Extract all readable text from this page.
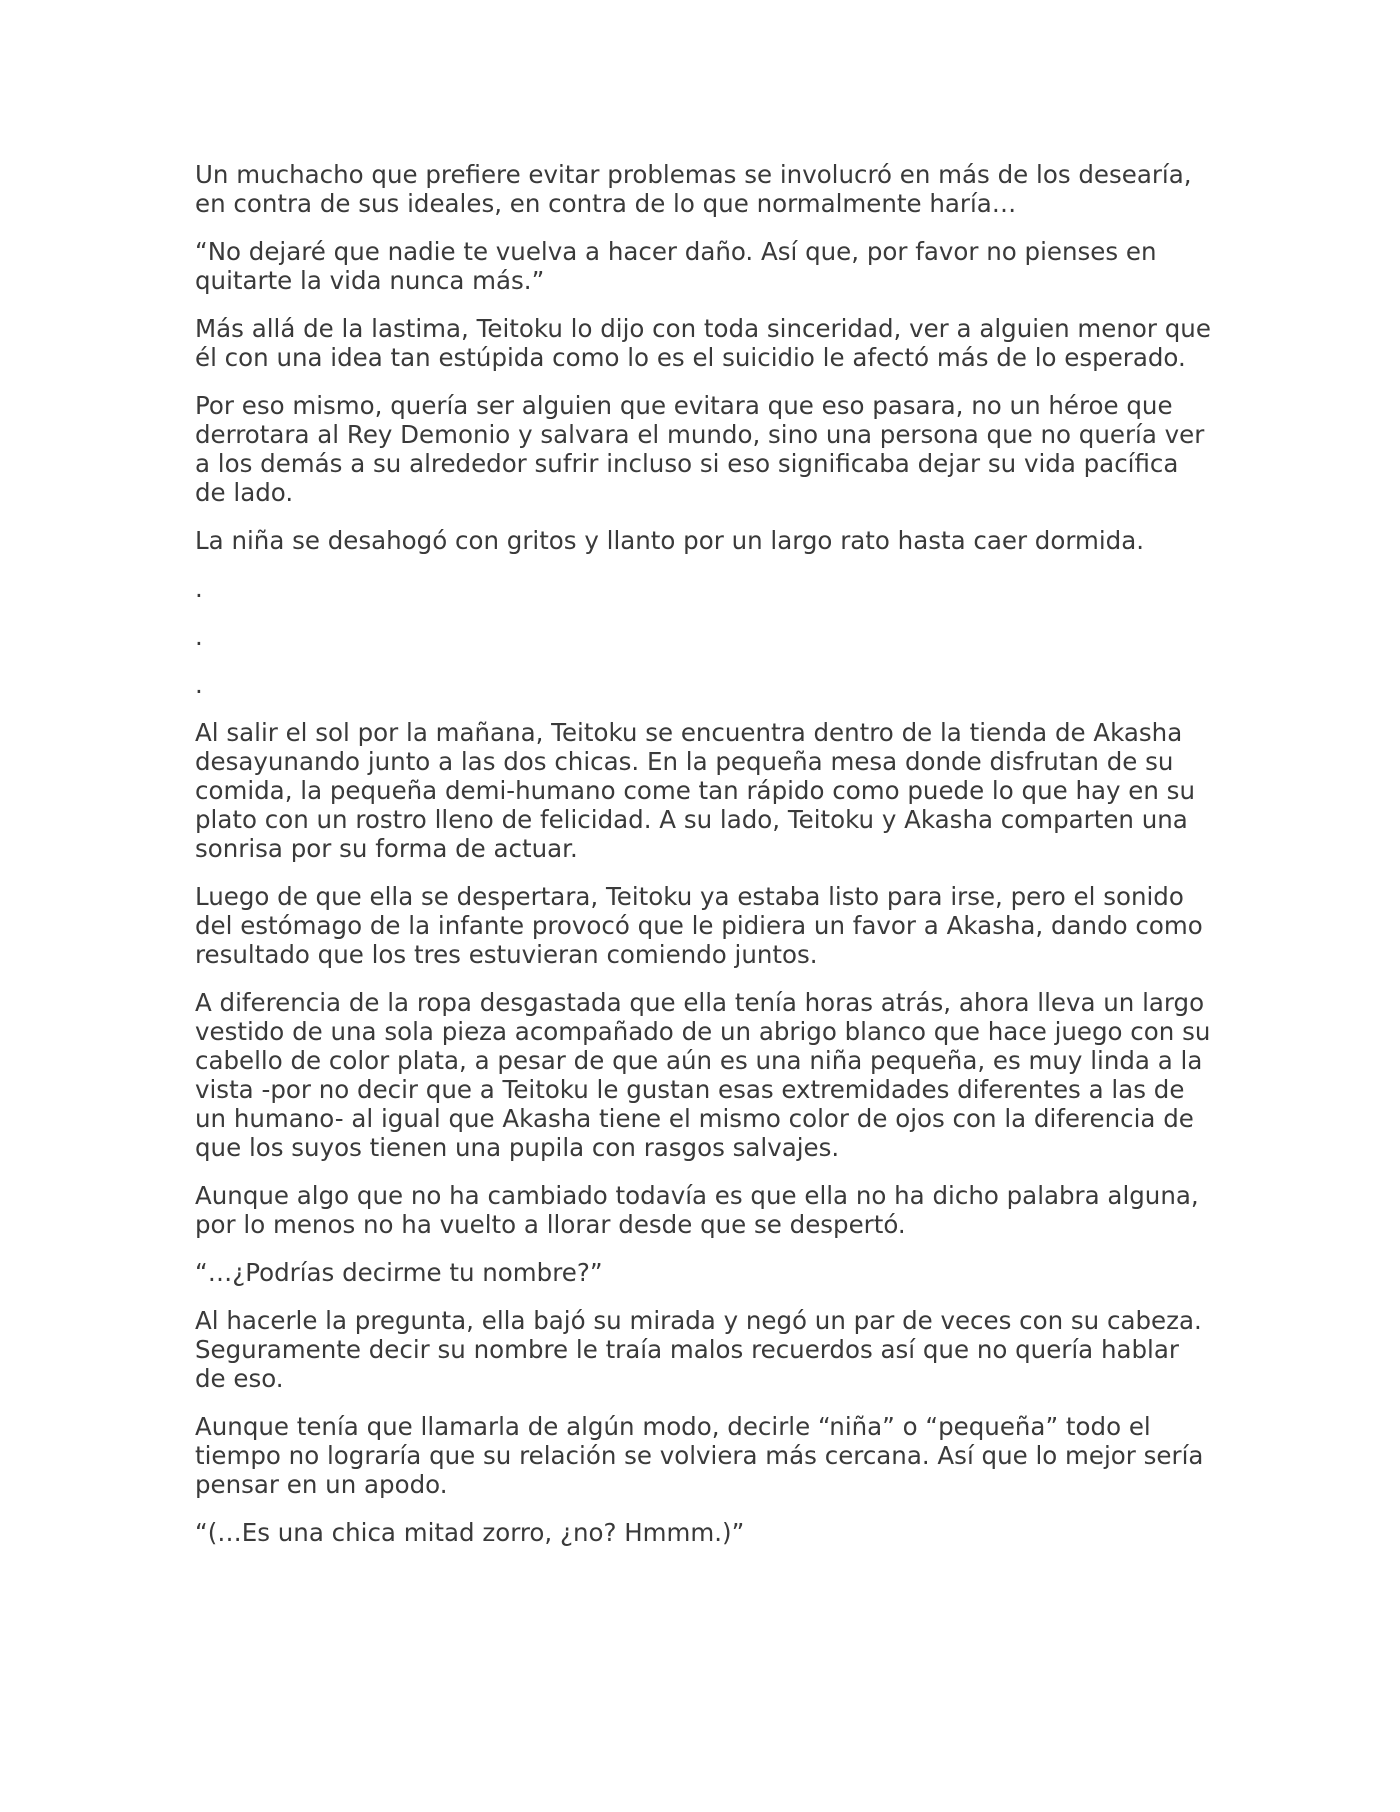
Un muchacho que prefiere evitar problemas se involucró en más de los desearía, en contra de sus ideales, en contra de lo que normalmente haría…

“No dejaré que nadie te vuelva a hacer daño. Así que, por favor no pienses en quitarte la vida nunca más.”

Más allá de la lastima, Teitoku lo dijo con toda sinceridad, ver a alguien menor que él con una idea tan estúpida como lo es el suicidio le afectó más de lo esperado.

Por eso mismo, quería ser alguien que evitara que eso pasara, no un héroe que derrotara al Rey Demonio y salvara el mundo, sino una persona que no quería ver a los demás a su alrededor sufrir incluso si eso significaba dejar su vida pacífica de lado.

La niña se desahogó con gritos y llanto por un largo rato hasta caer dormida.

.

.

.

Al salir el sol por la mañana, Teitoku se encuentra dentro de la tienda de Akasha desayunando junto a las dos chicas. En la pequeña mesa donde disfrutan de su comida, la pequeña demi-humano come tan rápido como puede lo que hay en su plato con un rostro lleno de felicidad. A su lado, Teitoku y Akasha comparten una sonrisa por su forma de actuar.

Luego de que ella se despertara, Teitoku ya estaba listo para irse, pero el sonido del estómago de la infante provocó que le pidiera un favor a Akasha, dando como resultado que los tres estuvieran comiendo juntos.

A diferencia de la ropa desgastada que ella tenía horas atrás, ahora lleva un largo vestido de una sola pieza acompañado de un abrigo blanco que hace juego con su cabello de color plata, a pesar de que aún es una niña pequeña, es muy linda a la vista -por no decir que a Teitoku le gustan esas extremidades diferentes a las de un humano- al igual que Akasha tiene el mismo color de ojos con la diferencia de que los suyos tienen una pupila con rasgos salvajes.

Aunque algo que no ha cambiado todavía es que ella no ha dicho palabra alguna, por lo menos no ha vuelto a llorar desde que se despertó.

“…¿Podrías decirme tu nombre?”

Al hacerle la pregunta, ella bajó su mirada y negó un par de veces con su cabeza. Seguramente decir su nombre le traía malos recuerdos así que no quería hablar de eso.

Aunque tenía que llamarla de algún modo, decirle “niña” o “pequeña” todo el tiempo no lograría que su relación se volviera más cercana. Así que lo mejor sería pensar en un apodo.

“(…Es una chica mitad zorro, ¿no? Hmmm.)”
